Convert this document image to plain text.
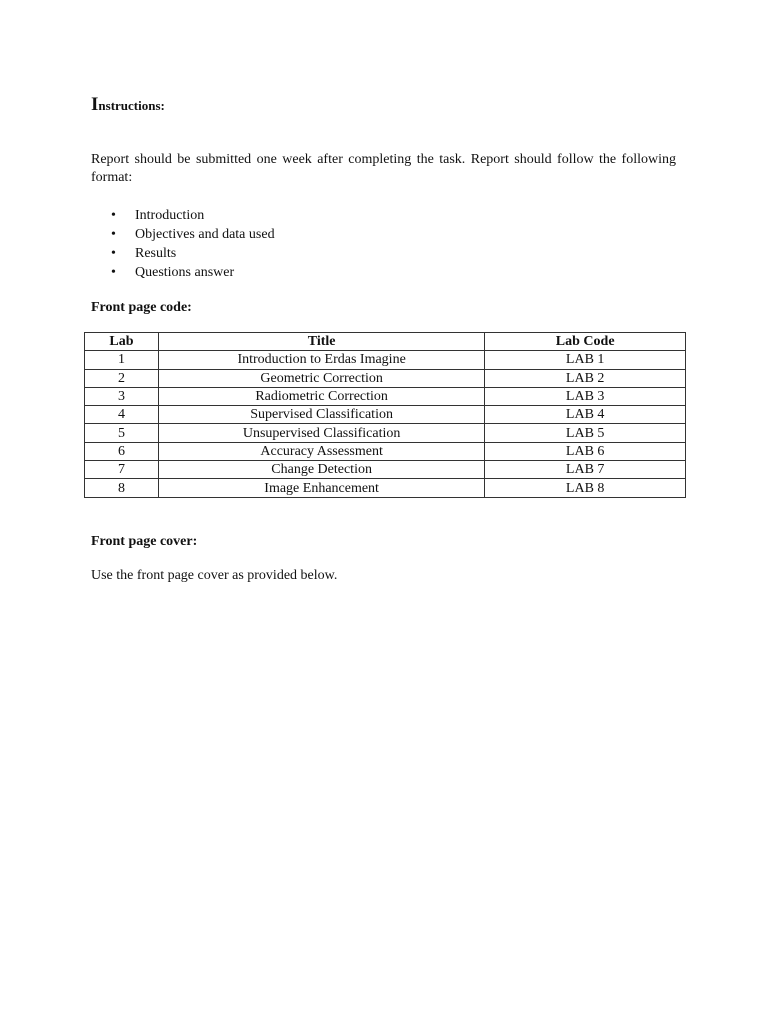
Instructions:

Report should be submitted one week after completing the task. Report should follow the following format:

• Introduction
• Objectives and data used
• Results
• Questions answer
Front page code:
Lab	Title	Lab Code
1	Introduction to Erdas Imagine	LAB 1
2	Geometric Correction	LAB 2
3	Radiometric Correction	LAB 3
4	Supervised Classification	LAB 4
5	Unsupervised Classification	LAB 5
6	Accuracy Assessment	LAB 6
7	Change Detection	LAB 7
8	Image Enhancement	LAB 8
Front page cover:

Use the front page cover as provided below.
